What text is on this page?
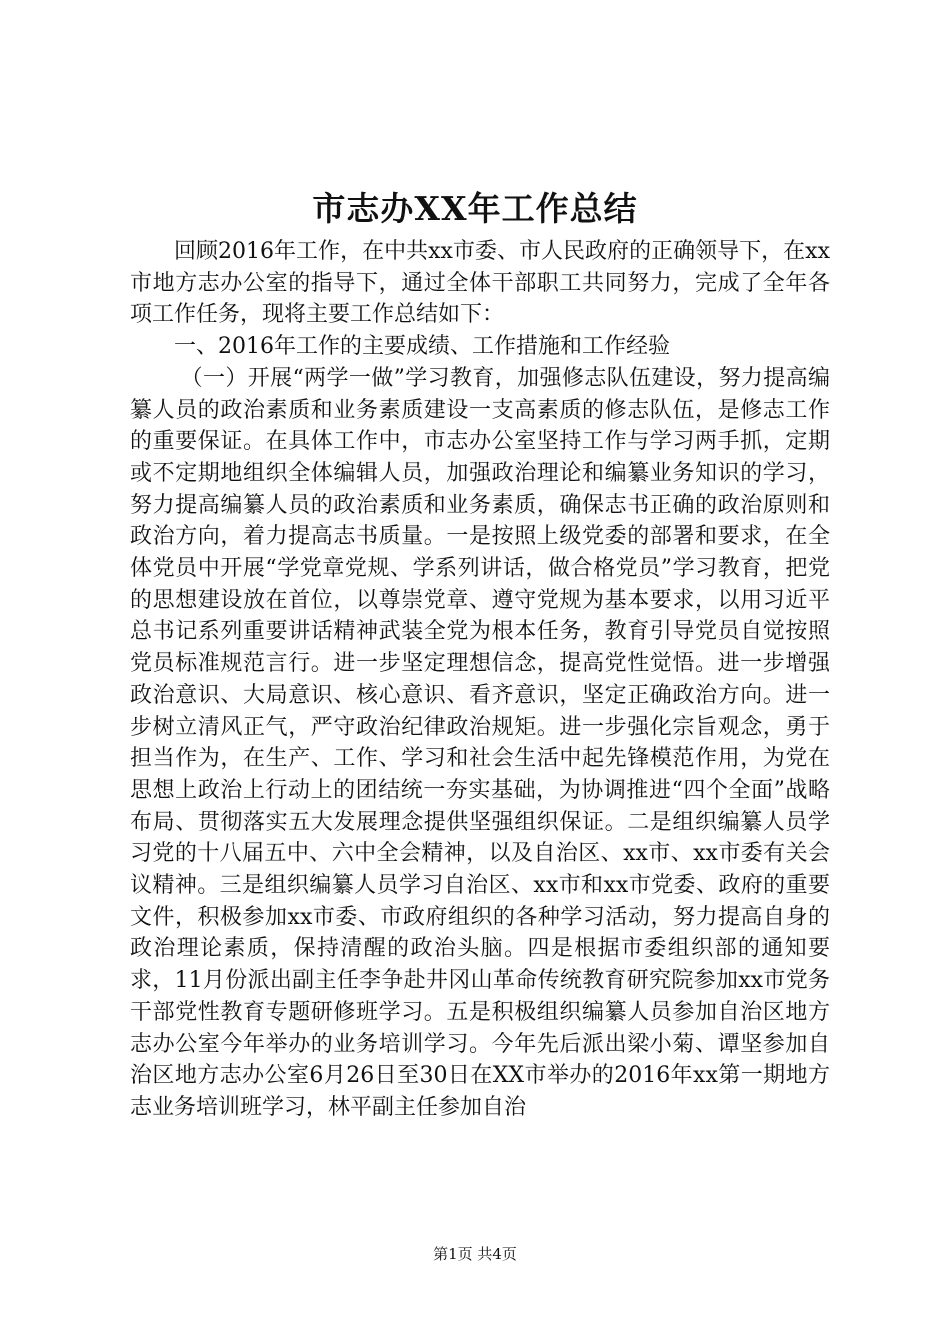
市志办XX年工作总结

回顾2016年工作，在中共xx市委、市人民政府的正确领导下，在xx市地方志办公室的指导下，通过全体干部职工共同努力，完成了全年各项工作任务，现将主要工作总结如下：

一、2016年工作的主要成绩、工作措施和工作经验

（一）开展“两学一做”学习教育，加强修志队伍建设，努力提高编纂人员的政治素质和业务素质建设一支高素质的修志队伍，是修志工作的重要保证。在具体工作中，市志办公室坚持工作与学习两手抓，定期或不定期地组织全体编辑人员，加强政治理论和编纂业务知识的学习，努力提高编纂人员的政治素质和业务素质，确保志书正确的政治原则和政治方向，着力提高志书质量。一是按照上级党委的部署和要求，在全体党员中开展“学党章党规、学系列讲话，做合格党员”学习教育，把党的思想建设放在首位，以尊崇党章、遵守党规为基本要求，以用习近平总书记系列重要讲话精神武装全党为根本任务，教育引导党员自觉按照党员标准规范言行。进一步坚定理想信念，提高党性觉悟。进一步增强政治意识、大局意识、核心意识、看齐意识，坚定正确政治方向。进一步树立清风正气，严守政治纪律政治规矩。进一步强化宗旨观念，勇于担当作为，在生产、工作、学习和社会生活中起先锋模范作用，为党在思想上政治上行动上的团结统一夯实基础，为协调推进“四个全面”战略布局、贯彻落实五大发展理念提供坚强组织保证。二是组织编纂人员学习党的十八届五中、六中全会精神，以及自治区、xx市、xx市委有关会议精神。三是组织编纂人员学习自治区、xx市和xx市党委、政府的重要文件，积极参加xx市委、市政府组织的各种学习活动，努力提高自身的政治理论素质，保持清醒的政治头脑。四是根据市委组织部的通知要求，11月份派出副主任李争赴井冈山革命传统教育研究院参加xx市党务干部党性教育专题研修班学习。五是积极组织编纂人员参加自治区地方志办公室今年举办的业务培训学习。今年先后派出梁小菊、谭坚参加自治区地方志办公室6月26日至30日在XX市举办的2016年xx第一期地方志业务培训班学习，林平副主任参加自治

第1页 共4页
